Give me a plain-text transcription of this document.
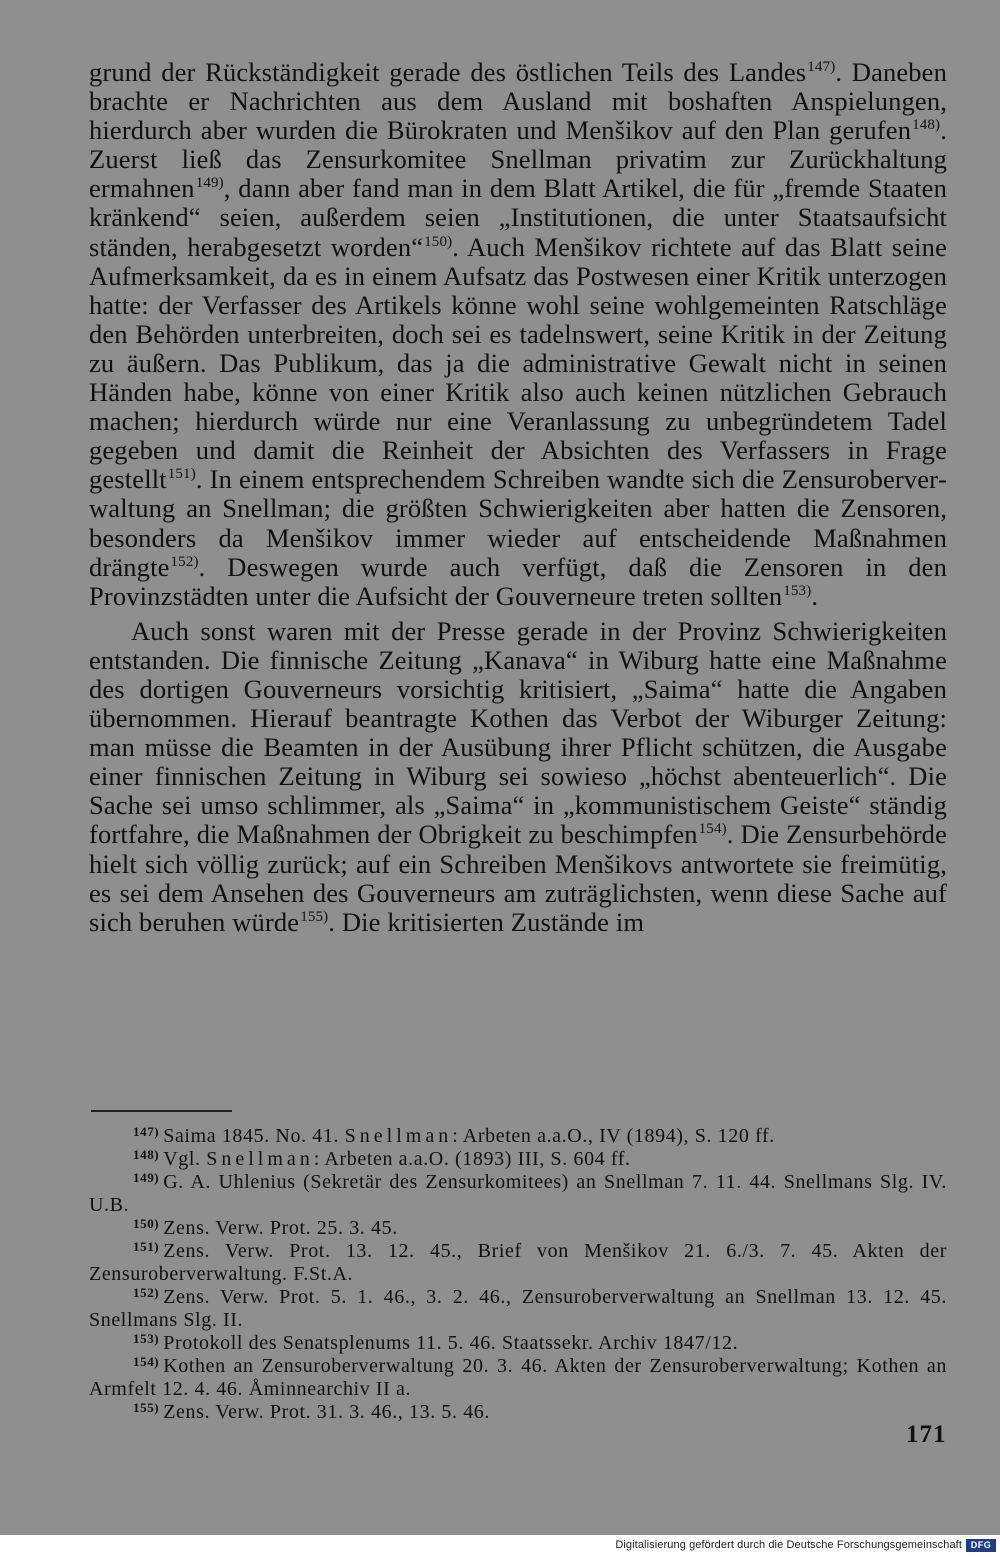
grund der Rückständigkeit gerade des östlichen Teils des Landes$^{147)}$. Daneben brachte er Nachrichten aus dem Ausland mit boshaften Anspielungen, hierdurch aber wurden die Bürokraten und Menšikov auf den Plan gerufen$^{148)}$. Zuerst ließ das Zensurkomitee Snellman privatim zur Zurückhaltung ermahnen$^{149)}$, dann aber fand man in dem Blatt Artikel, die für „fremde Staaten kränkend“ seien, außerdem seien „Institutionen, die unter Staatsaufsicht ständen, herabgesetzt worden“$^{150)}$. Auch Menšikov richtete auf das Blatt seine Aufmerksamkeit, da es in einem Aufsatz das Postwesen einer Kritik unterzogen hatte: der Verfasser des Artikels könne wohl seine wohlgemeinten Ratschläge den Behörden unterbreiten, doch sei es tadelnswert, seine Kritik in der Zeitung zu äußern. Das Publikum, das ja die administrative Gewalt nicht in seinen Händen habe, könne von einer Kritik also auch keinen nützlichen Gebrauch machen; hierdurch würde nur eine Veranlassung zu unbegründetem Tadel gegeben und damit die Reinheit der Absichten des Verfassers in Frage gestellt$^{151)}$. In einem entsprechendem Schreiben wandte sich die Zensuroberverwaltung an Snellman; die größten Schwierigkeiten aber hatten die Zensoren, besonders da Menšikov immer wieder auf entscheidende Maßnahmen drängte$^{152)}$. Deswegen wurde auch verfügt, daß die Zensoren in den Provinzstädten unter die Aufsicht der Gouverneure treten sollten$^{153)}$.

Auch sonst waren mit der Presse gerade in der Provinz Schwierigkeiten entstanden. Die finnische Zeitung „Kanava“ in Wiburg hatte eine Maßnahme des dortigen Gouverneurs vorsichtig kritisiert, „Saima“ hatte die Angaben übernommen. Hierauf beantragte Kothen das Verbot der Wiburger Zeitung: man müsse die Beamten in der Ausübung ihrer Pflicht schützen, die Ausgabe einer finnischen Zeitung in Wiburg sei sowieso „höchst abenteuerlich“. Die Sache sei umso schlimmer, als „Saima“ in „kommunistischem Geiste“ ständig fortfahre, die Maßnahmen der Obrigkeit zu beschimpfen$^{154)}$. Die Zensurbehörde hielt sich völlig zurück; auf ein Schreiben Menšikovs antwortete sie freimütig, es sei dem Ansehen des Gouverneurs am zuträglichsten, wenn diese Sache auf sich beruhen würde$^{155)}$. Die kritisierten Zustände im

$^{147)}$ Saima 1845. No. 41. Snellman: Arbeten a.a.O., IV (1894), S. 120 ff.

$^{148)}$ Vgl. Snellman: Arbeten a.a.O. (1893) III, S. 604 ff.

$^{149)}$ G. A. Uhlenius (Sekretär des Zensurkomitees) an Snellman 7. 11. 44. Snellmans Slg. IV. U.B.

$^{150)}$ Zens. Verw. Prot. 25. 3. 45.

$^{151)}$ Zens. Verw. Prot. 13. 12. 45., Brief von Menšikov 21. 6./3. 7. 45. Akten der Zensuroberverwaltung. F.St.A.

$^{152)}$ Zens. Verw. Prot. 5. 1. 46., 3. 2. 46., Zensuroberverwaltung an Snellman 13. 12. 45. Snellmans Slg. II.

$^{153)}$ Protokoll des Senatsplenums 11. 5. 46. Staatssekr. Archiv 1847/12.

$^{154)}$ Kothen an Zensuroberverwaltung 20. 3. 46. Akten der Zensuroberverwaltung; Kothen an Armfelt 12. 4. 46. Åminnearchiv II a.

$^{155)}$ Zens. Verw. Prot. 31. 3. 46., 13. 5. 46.

171
Digitalisierung gefördert durch die Deutsche Forschungsgemeinschaft DFG
